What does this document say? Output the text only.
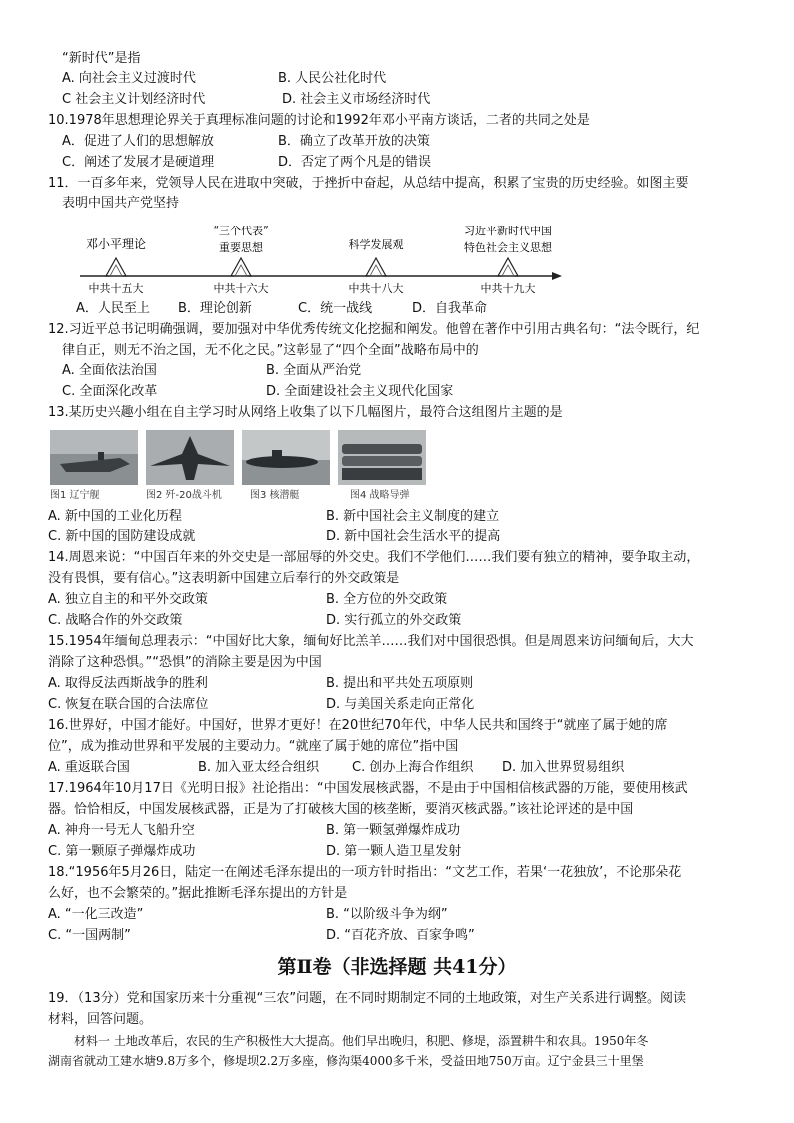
“新时代”是指
A. 向社会主义过渡时代	B. 人民公社化时代
C 社会主义计划经济时代	D. 社会主义市场经济时代
10.1978年思想理论界关于真理标准问题的讨论和1992年邓小平南方谈话，二者的共同之处是
A．促进了人们的思想解放	B．确立了改革开放的决策
C．阐述了发展才是硬道理	D．否定了两个凡是的错误
11．一百多年来，党领导人民在进取中突破，于挫折中奋起，从总结中提高，积累了宝贵的历史经验。如图主要
表明中国共产党坚持
邓小平理论
“三个代表”
重要思想	科学发展观
习近平新时代中国
特色社会主义思想
中共十五大	中共十六大	中共十八大	中共十九大
A．人民至上 B．理论创新	C．统一战线	D．自我革命
12.习近平总书记明确强调，要加强对中华优秀传统文化挖掘和阐发。他曾在著作中引用古典名句：“法令既行，纪
律自正，则无不治之国，无不化之民。”这彰显了“四个全面”战略布局中的
A. 全面依法治国	B. 全面从严治党
C. 全面深化改革	D. 全面建设社会主义现代化国家
13.某历史兴趣小组在自主学习时从网络上收集了以下几幅图片，最符合这组图片主题的是
图1 辽宁舰	图2 歼-20战斗机	图3 核潜艇	图4 战略导弹
A. 新中国的工业化历程	B. 新中国社会主义制度的建立
C. 新中国的国防建设成就	D. 新中国社会生活水平的提高
14.周恩来说：“中国百年来的外交史是一部屈辱的外交史。我们不学他们……我们要有独立的精神，要争取主动，
没有畏惧，要有信心。”这表明新中国建立后奉行的外交政策是
A. 独立自主的和平外交政策	B. 全方位的外交政策
C. 战略合作的外交政策	D. 实行孤立的外交政策
15.1954年缅甸总理表示：“中国好比大象，缅甸好比羔羊……我们对中国很恐惧。但是周恩来访问缅甸后，大大
消除了这种恐惧。”“恐惧”的消除主要是因为中国
A. 取得反法西斯战争的胜利	B. 提出和平共处五项原则
C. 恢复在联合国的合法席位	D. 与美国关系走向正常化
16.世界好，中国才能好。中国好，世界才更好！在20世纪70年代，中华人民共和国终于“就座了属于她的席
位”，成为推动世界和平发展的主要动力。“就座了属于她的席位”指中国
A. 重返联合国	B. 加入亚太经合组织	C. 创办上海合作组织 D. 加入世界贸易组织
17.1964年10月17日《光明日报》社论指出：“中国发展核武器，不是由于中国相信核武器的万能，要使用核武
器。恰恰相反，中国发展核武器，正是为了打破核大国的核垄断，要消灭核武器。”该社论评述的是中国
A. 神舟一号无人飞船升空	B. 第一颗氢弹爆炸成功
C. 第一颗原子弹爆炸成功	D. 第一颗人造卫星发射
18.“1956年5月26日，陆定一在阐述毛泽东提出的一项方针时指出：“文艺工作，若果‘一花独放’，不论那朵花
么好，也不会繁荣的。”据此推断毛泽东提出的方针是
A. “一化三改造”	B. “以阶级斗争为纲”
C. “一国两制”	D. “百花齐放、百家争鸣”
第Ⅱ卷（非选择题 共41分）
19．（13分）党和国家历来十分重视“三农”问题，在不同时期制定不同的土地政策，对生产关系进行调整。阅读
材料，回答问题。
材料一 土地改革后，农民的生产积极性大大提高。他们早出晚归，积肥、修堤，添置耕牛和农具。1950年冬
湖南省就动工建水塘9.8万多个，修堤坝2.2万多座，修沟渠4000多千米，受益田地750万亩。辽宁金县三十里堡
